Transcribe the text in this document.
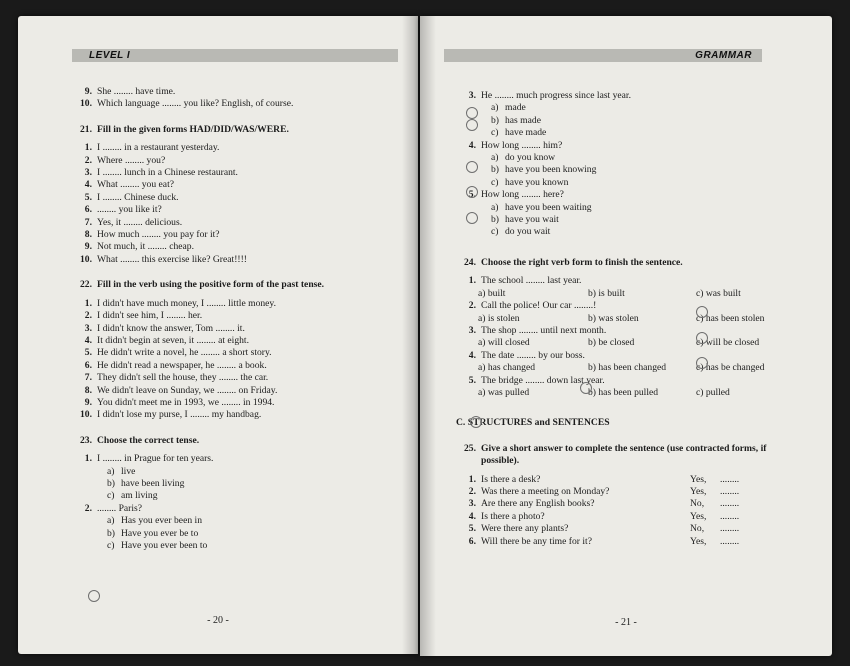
LEVEL I
9. She ........ have time.
10. Which language ........ you like? English, of course.
21. Fill in the given forms HAD/DID/WAS/WERE.
1. I ........ in a restaurant yesterday.
2. Where ........ you?
3. I ........ lunch in a Chinese restaurant.
4. What ........ you eat?
5. I ........ Chinese duck.
6. ........ you like it?
7. Yes, it ........ delicious.
8. How much ........ you pay for it?
9. Not much, it ........ cheap.
10. What ........ this exercise like? Great!!!!
22. Fill in the verb using the positive form of the past tense.
1. I didn't have much money, I ........ little money.
2. I didn't see him, I ........ her.
3. I didn't know the answer, Tom ........ it.
4. It didn't begin at seven, it ........ at eight.
5. He didn't write a novel, he ........ a short story.
6. He didn't read a newspaper, he ........ a book.
7. They didn't sell the house, they ........ the car.
8. We didn't leave on Sunday, we ........ on Friday.
9. You didn't meet me in 1993, we ........ in 1994.
10. I didn't lose my purse, I ........ my handbag.
23. Choose the correct tense.
1. I ........ in Prague for ten years.
a) live
b) have been living
c) am living
2. ........ Paris?
a) Has you ever been in
b) Have you ever be to
c) Have you ever been to
- 20 -
GRAMMAR
3. He ........ much progress since last year.
a) made
b) has made
c) have made
4. How long ........ him?
a) do you know
b) have you been knowing
c) have you known
5. How long ........ here?
a) have you been waiting
b) have you wait
c) do you wait
24. Choose the right verb form to finish the sentence.
1. The school ........ last year.
a) built	b) is built	c) was built
2. Call the police! Our car ........!
a) is stolen	b) was stolen	c) has been stolen
3. The shop ........ until next month.
a) will closed	b) be closed	c) will be closed
4. The date ........ by our boss.
a) has changed	b) has been changed	c) has be changed
5. The bridge ........ down last year.
a) was pulled	b) has been pulled	c) pulled
C. STRUCTURES and SENTENCES
25. Give a short answer to complete the sentence (use contracted forms, if possible).
1. Is there a desk?	Yes,	........
2. Was there a meeting on Monday?	Yes,	........
3. Are there any English books?	No,	........
4. Is there a photo?	Yes,	........
5. Were there any plants?	No,	........
6. Will there be any time for it?	Yes,	........
- 21 -
